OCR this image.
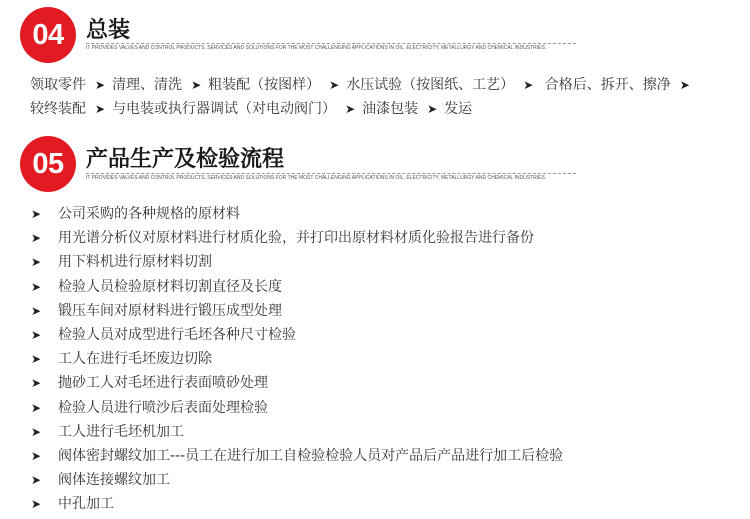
04	总装
IT PROVIDES VALVES AND CONTROL PRODUCTS, SERVICES AND SOLUTIONS FOR THE MOST CHALLENGING APPLICATIONS IN OIL, ELECTRICITY, METALLURGY AND CHEMICAL INDUSTRIES.
领取零件 ➤ 清理、清洗 ➤ 粗装配（按图样） ➤ 水压试验（按图纸、工艺） ➤ 合格后、拆开、擦净 ➤较终装配 ➤ 与电装或执行器调试（对电动阀门） ➤ 油漆包装 ➤ 发运
05	产品生产及检验流程
IT PROVIDES VALVES AND CONTROL PRODUCTS, SERVICES AND SOLUTIONS FOR THE MOST CHALLENGING APPLICATIONS IN OIL, ELECTRICITY, METALLURGY AND CHEMICAL INDUSTRIES.
➤ 公司采购的各种规格的原材料
➤ 用光谱分析仪对原材料进行材质化验，并打印出原材料材质化验报告进行备份
➤ 用下料机进行原材料切割
➤ 检验人员检验原材料切割直径及长度
➤ 锻压车间对原材料进行锻压成型处理
➤ 检验人员对成型进行毛坯各种尺寸检验
➤ 工人在进行毛坯废边切除
➤ 抛砂工人对毛坯进行表面喷砂处理
➤ 检验人员进行喷沙后表面处理检验
➤ 工人进行毛坯机加工
➤ 阀体密封螺纹加工---员工在进行加工自检验检验人员对产品后产品进行加工后检验
➤ 阀体连接螺纹加工
➤ 中孔加工
